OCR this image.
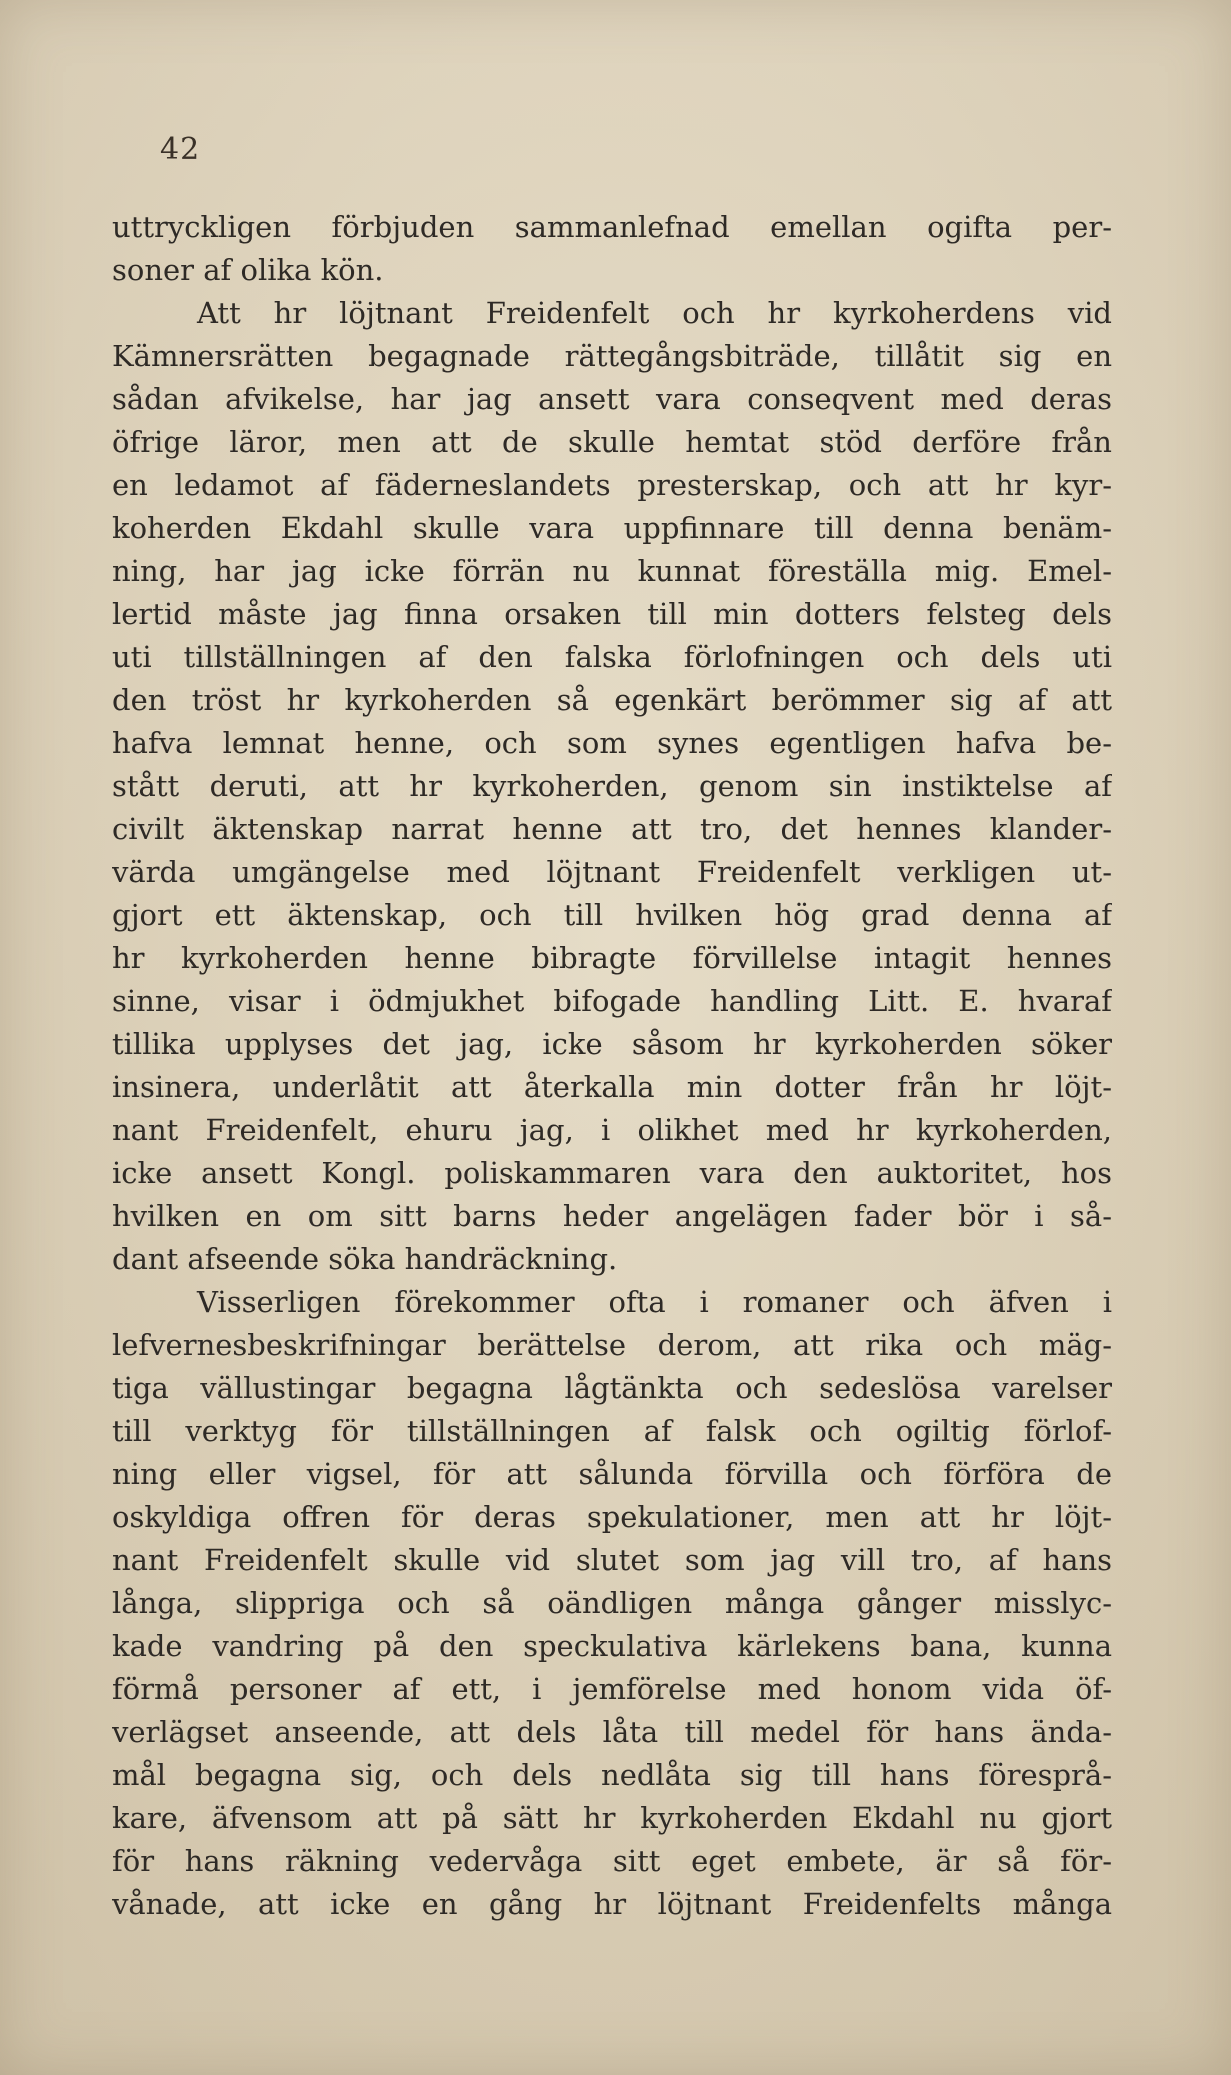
42
uttryckligen förbjuden sammanlefnad emellan ogifta per-
soner af olika kön.
Att hr löjtnant Freidenfelt och hr kyrkoherdens vid
Kämnersrätten begagnade rättegångsbiträde, tillåtit sig en
sådan afvikelse, har jag ansett vara conseqvent med deras
öfrige läror, men att de skulle hemtat stöd derföre från
en ledamot af fäderneslandets presterskap, och att hr kyr-
koherden Ekdahl skulle vara uppfinnare till denna benäm-
ning, har jag icke förrän nu kunnat föreställa mig. Emel-
lertid måste jag finna orsaken till min dotters felsteg dels
uti tillställningen af den falska förlofningen och dels uti
den tröst hr kyrkoherden så egenkärt berömmer sig af att
hafva lemnat henne, och som synes egentligen hafva be-
stått deruti, att hr kyrkoherden, genom sin instiktelse af
civilt äktenskap narrat henne att tro, det hennes klander-
värda umgängelse med löjtnant Freidenfelt verkligen ut-
gjort ett äktenskap, och till hvilken hög grad denna af
hr kyrkoherden henne bibragte förvillelse intagit hennes
sinne, visar i ödmjukhet bifogade handling Litt. E. hvaraf
tillika upplyses det jag, icke såsom hr kyrkoherden söker
insinera, underlåtit att återkalla min dotter från hr löjt-
nant Freidenfelt, ehuru jag, i olikhet med hr kyrkoherden,
icke ansett Kongl. poliskammaren vara den auktoritet, hos
hvilken en om sitt barns heder angelägen fader bör i så-
dant afseende söka handräckning.
Visserligen förekommer ofta i romaner och äfven i
lefvernesbeskrifningar berättelse derom, att rika och mäg-
tiga vällustingar begagna lågtänkta och sedeslösa varelser
till verktyg för tillställningen af falsk och ogiltig förlof-
ning eller vigsel, för att sålunda förvilla och förföra de
oskyldiga offren för deras spekulationer, men att hr löjt-
nant Freidenfelt skulle vid slutet som jag vill tro, af hans
långa, slippriga och så oändligen många gånger misslyc-
kade vandring på den speckulativa kärlekens bana, kunna
förmå personer af ett, i jemförelse med honom vida öf-
verlägset anseende, att dels låta till medel för hans ända-
mål begagna sig, och dels nedlåta sig till hans föresprå-
kare, äfvensom att på sätt hr kyrkoherden Ekdahl nu gjort
för hans räkning vedervåga sitt eget embete, är så för-
vånade, att icke en gång hr löjtnant Freidenfelts många
